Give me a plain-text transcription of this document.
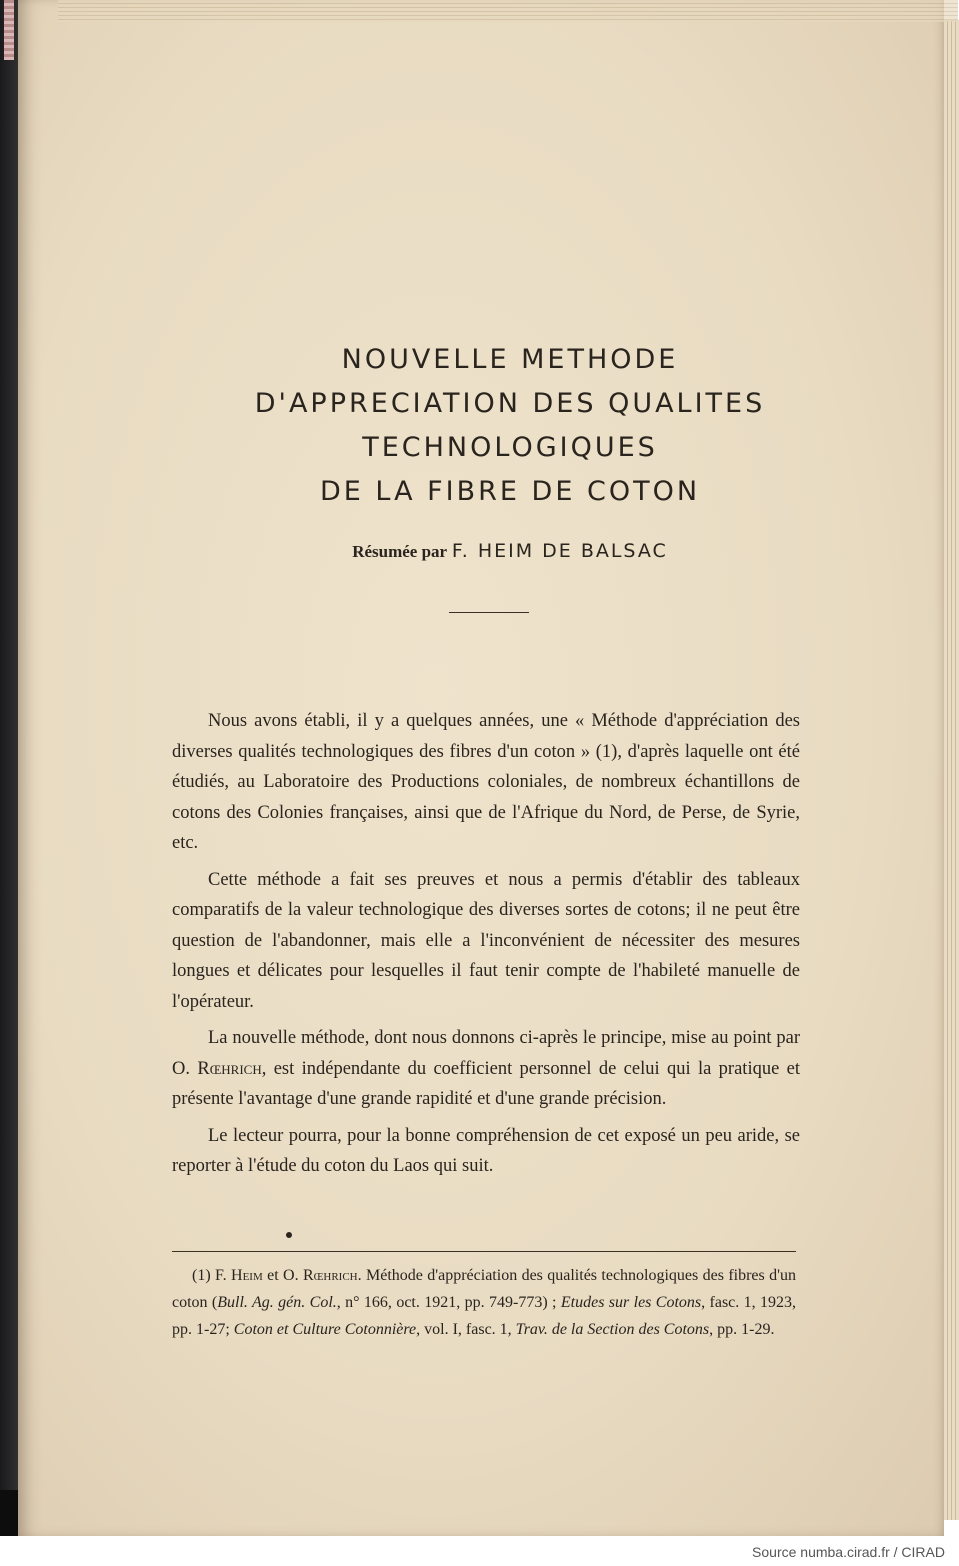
NOUVELLE METHODE
D'APPRECIATION DES QUALITES
TECHNOLOGIQUES
DE LA FIBRE DE COTON
Résumée par F. HEIM DE BALSAC

Nous avons établi, il y a quelques années, une « Méthode d'appréciation des diverses qualités technologiques des fibres d'un coton » (1), d'après laquelle ont été étudiés, au Laboratoire des Productions coloniales, de nombreux échantillons de cotons des Colonies françaises, ainsi que de l'Afrique du Nord, de Perse, de Syrie, etc.

Cette méthode a fait ses preuves et nous a permis d'établir des tableaux comparatifs de la valeur technologique des diverses sortes de cotons; il ne peut être question de l'abandonner, mais elle a l'inconvénient de nécessiter des mesures longues et délicates pour lesquelles il faut tenir compte de l'habileté manuelle de l'opérateur.

La nouvelle méthode, dont nous donnons ci-après le principe, mise au point par O. Rœhrich, est indépendante du coefficient personnel de celui qui la pratique et présente l'avantage d'une grande rapidité et d'une grande précision.

Le lecteur pourra, pour la bonne compréhension de cet exposé un peu aride, se reporter à l'étude du coton du Laos qui suit.

(1) F. Heim et O. Rœhrich. Méthode d'appréciation des qualités technologiques des fibres d'un coton (Bull. Ag. gén. Col., n° 166, oct. 1921, pp. 749-773) ; Etudes sur les Cotons, fasc. 1, 1923, pp. 1-27; Coton et Culture Cotonnière, vol. I, fasc. 1, Trav. de la Section des Cotons, pp. 1-29.

Source numba.cirad.fr / CIRAD
